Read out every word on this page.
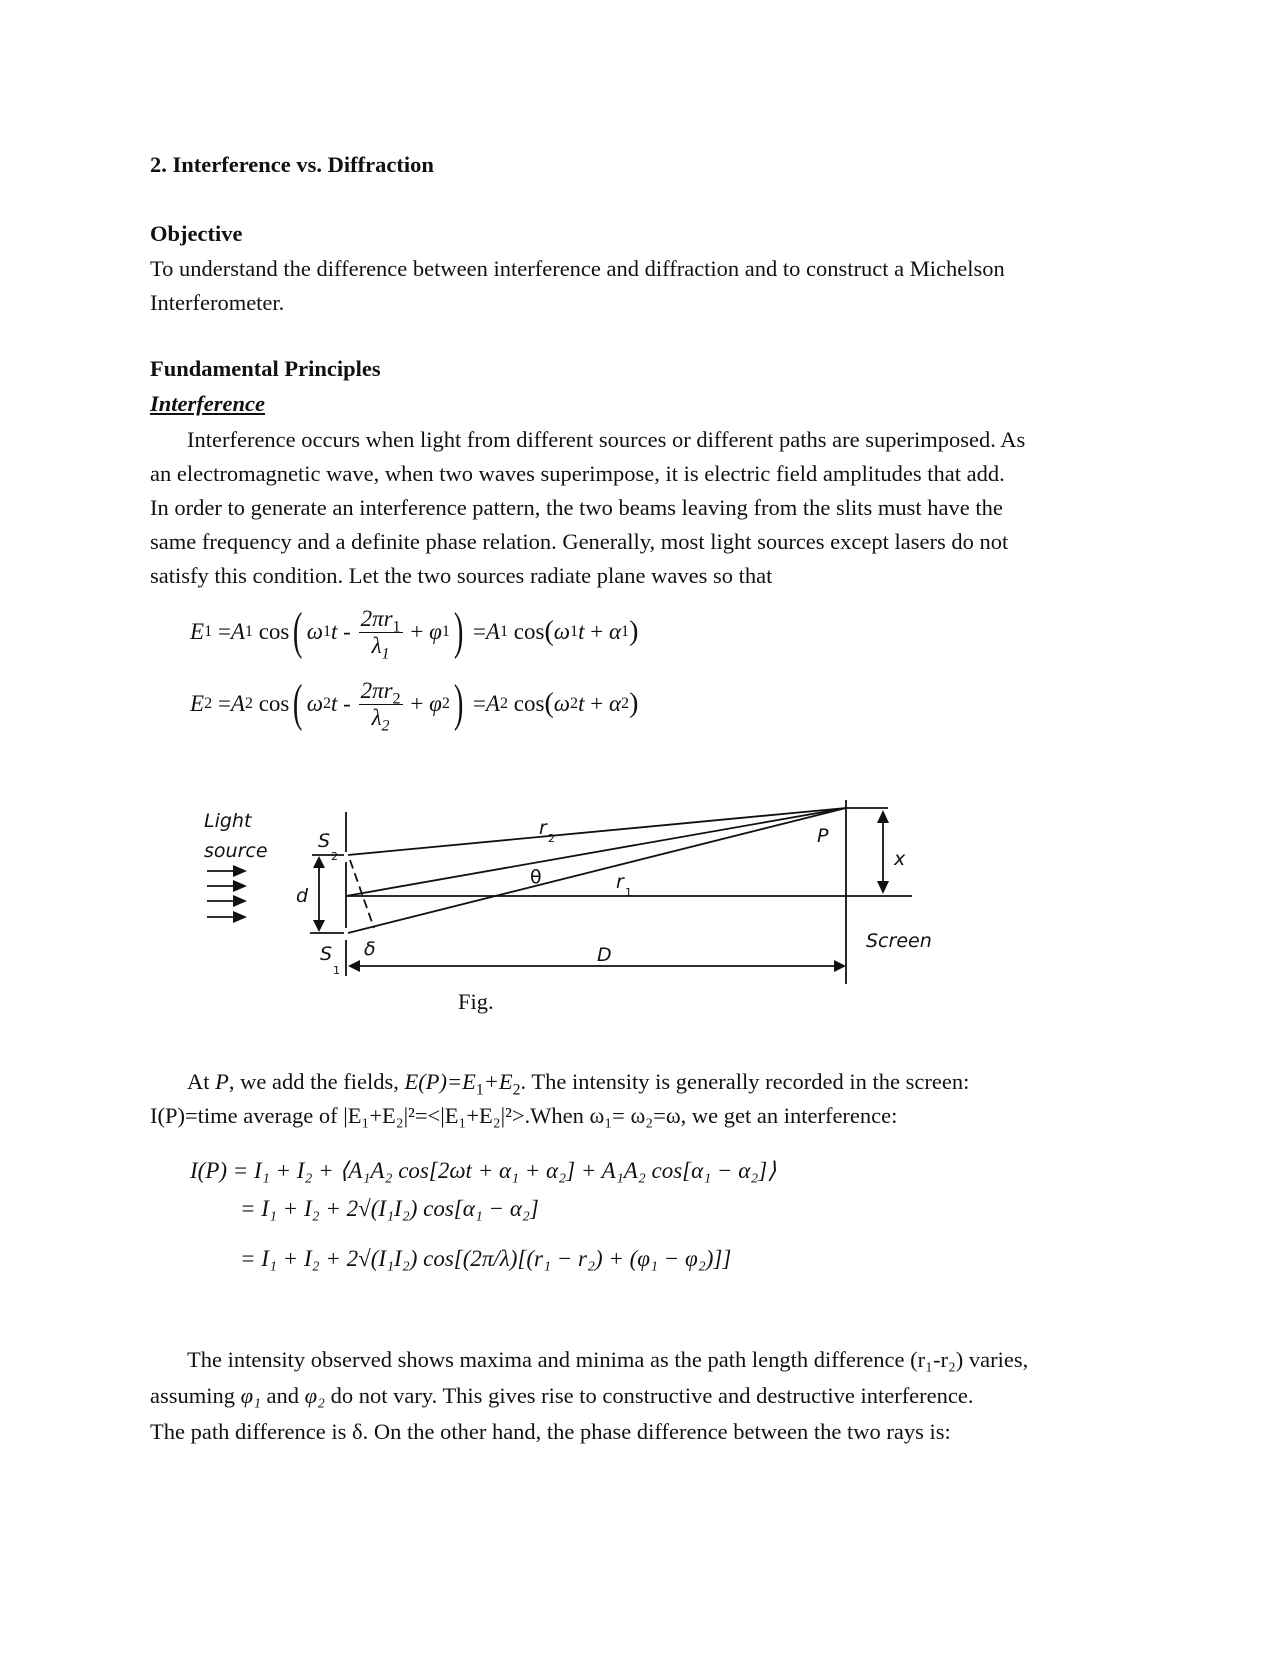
2. Interference vs. Diffraction
Objective
To understand the difference between interference and diffraction and to construct a Michelson
Interferometer.
Fundamental Principles
Interference
Interference occurs when light from different sources or different paths are superimposed. As
an electromagnetic wave, when two waves superimpose, it is electric field amplitudes that add.
In order to generate an interference pattern, the two beams leaving from the slits must have the
same frequency and a definite phase relation. Generally, most light sources except lasers do not
satisfy this condition. Let the two sources radiate plane waves so that
E 1 = A 1
cos ( ω 1 $t - \frac{2\pi r_1}{\lambda_1} + \varphi$ 1 ) = A 1
cos ( ω 1 t + α 1 )
E 2 = A 2
cos ( ω 2 $t - \frac{2\pi r_2}{\lambda_2} + \varphi$ 2 ) = A 2
cos ( ω 2 t + α 2 )
Light
source	S
2
S
1
d
r 2
θ	r 1
δ	D
P
x
Screen
Fig.
At P, we add the fields, $E(P)=E_1+E_2$. The intensity is generally recorded in the screen:
I(P)=time average of |E₁+E₂|²=<|E₁+E₂|²>.When ω₁= ω₂=ω, we get an interference:
I(P) = I₁ + I₂ + ⟨A₁A₂ cos[2ωt + α₁ + α₂] + A₁A₂ cos[α₁ − α₂]⟩
= I₁ + I₂ + 2√(I₁I₂) cos[α₁ − α₂]
= I₁ + I₂ + 2√(I₁I₂) cos[(2π/λ)[(r₁ − r₂) + (φ₁ − φ₂)]]
The intensity observed shows maxima and minima as the path length difference (r₁-r₂) varies,
assuming φ₁ and φ₂ do not vary. This gives rise to constructive and destructive interference.
The path difference is δ. On the other hand, the phase difference between the two rays is:
